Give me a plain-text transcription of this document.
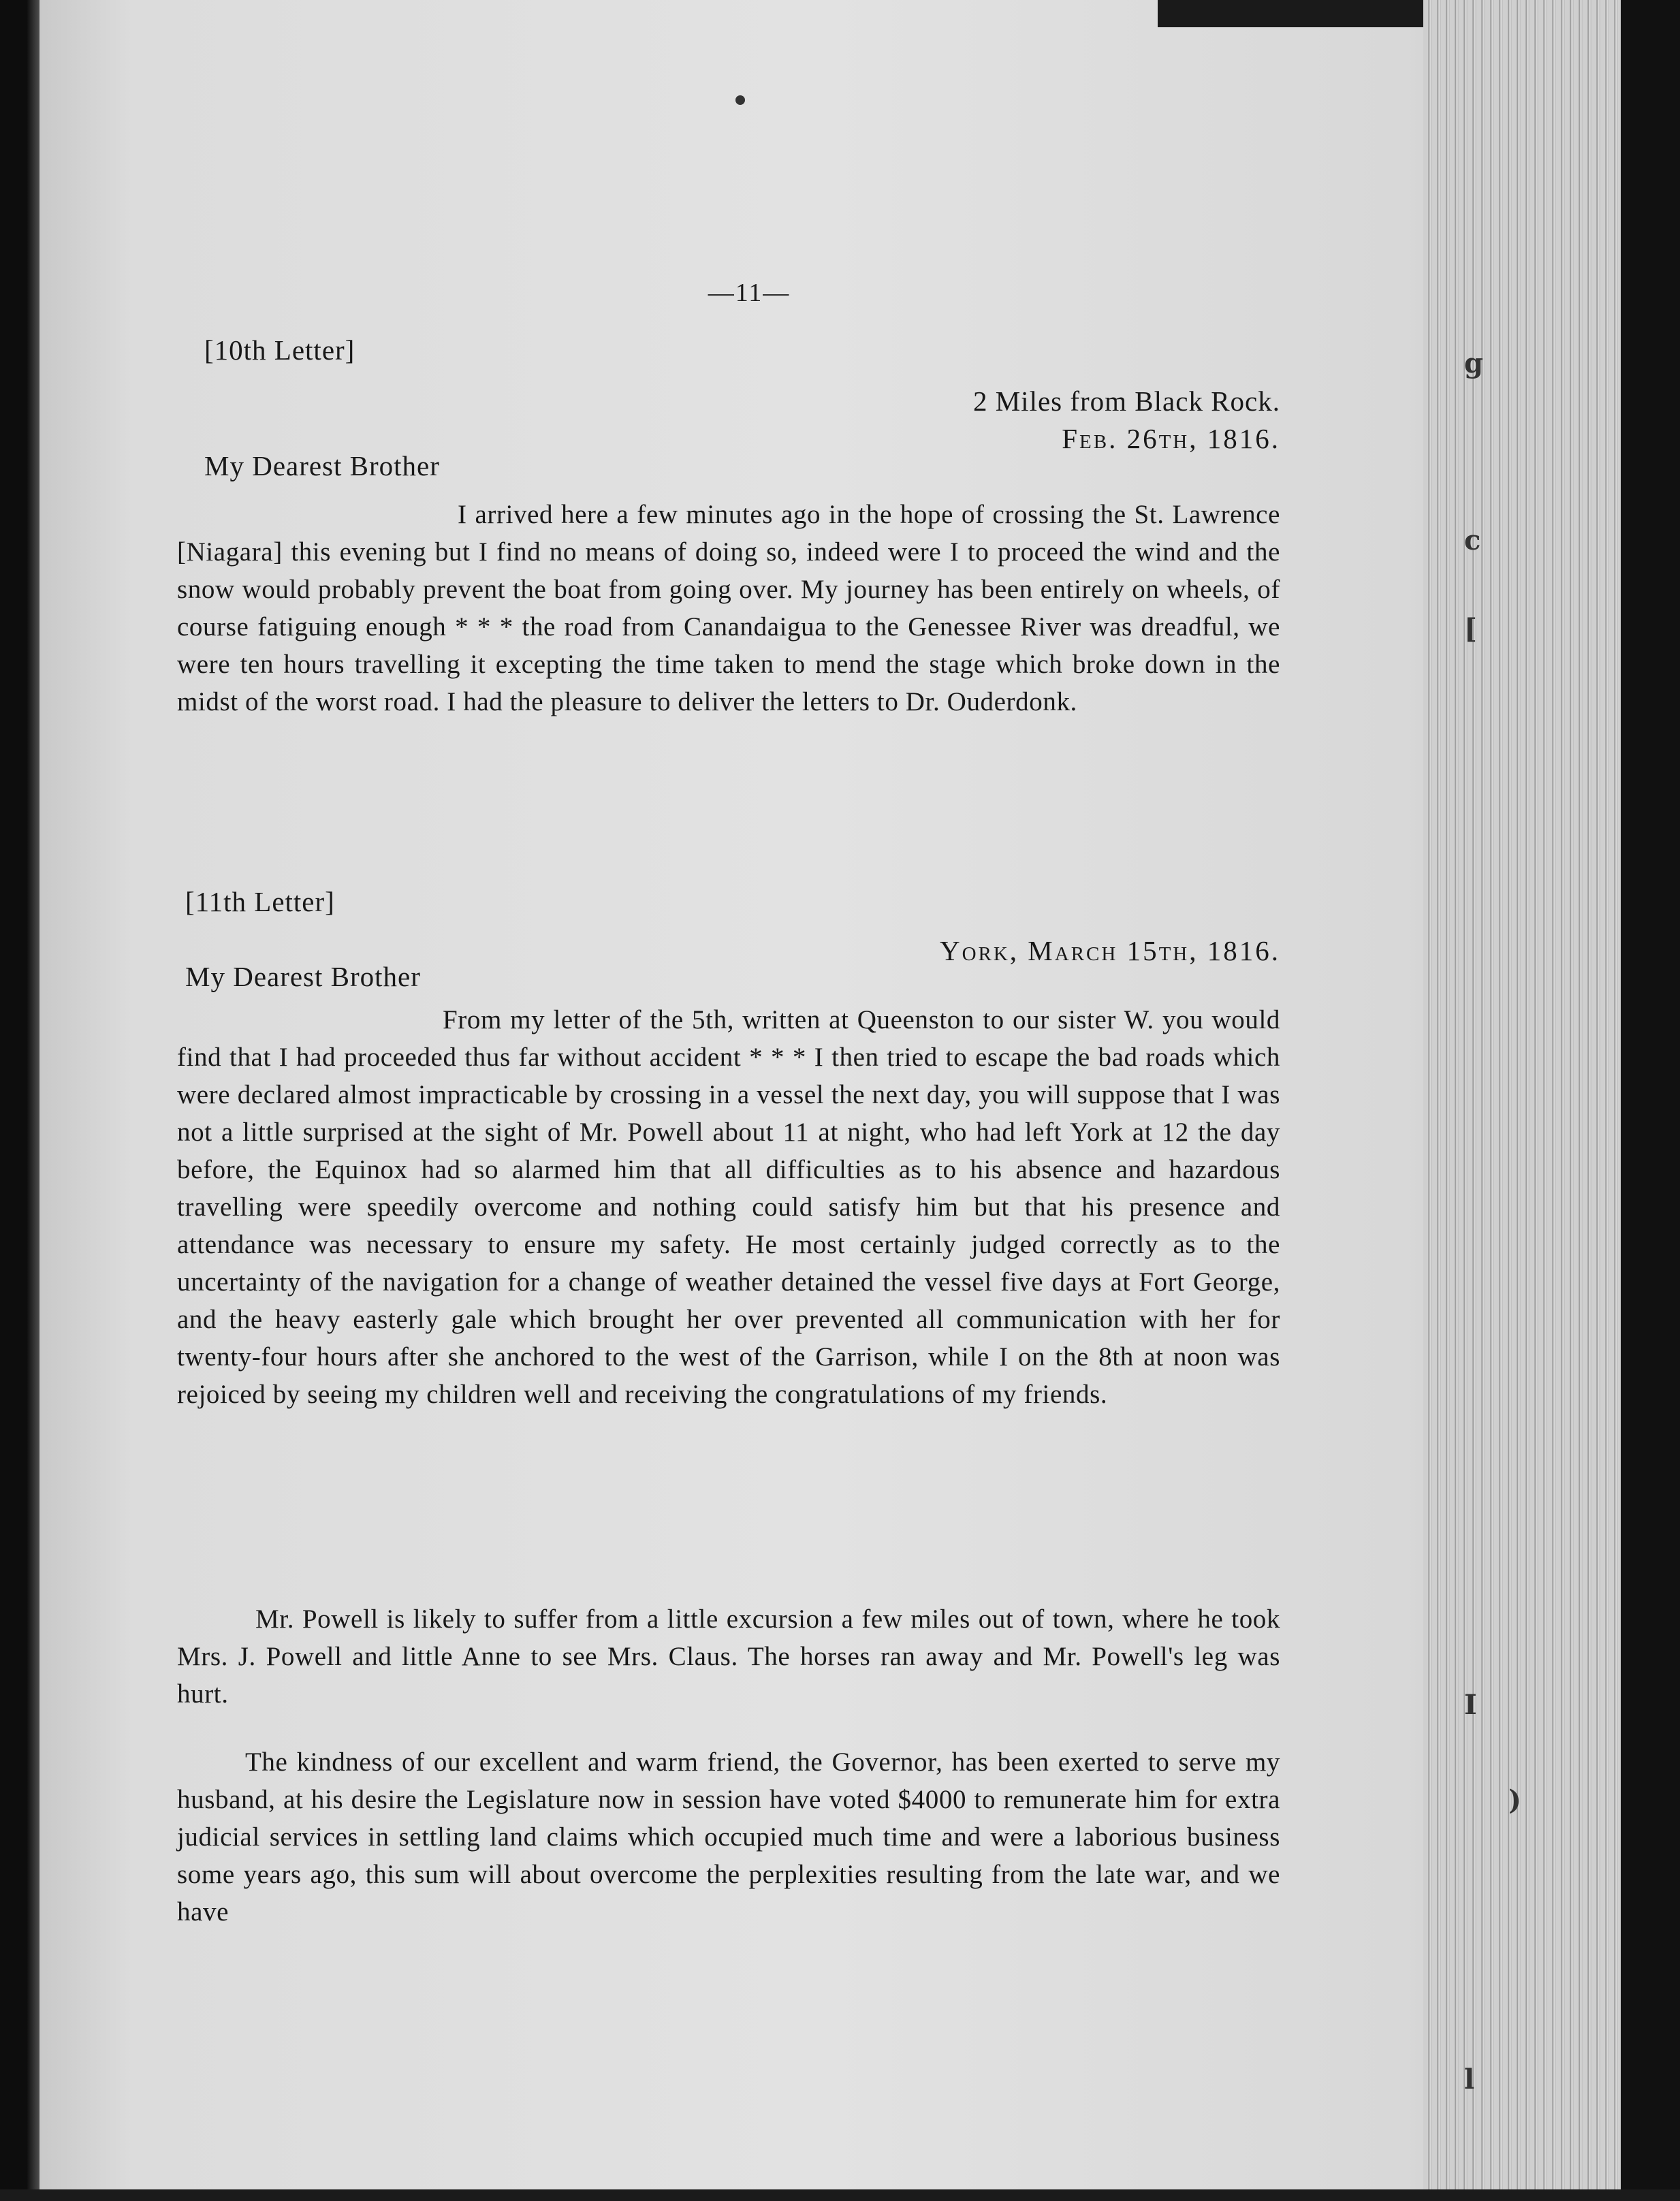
g
c
[
I
)
l
—11—
[10th Letter]
2 Miles from Black Rock.
Feb. 26th, 1816.
My Dearest Brother
I arrived here a few minutes ago in the hope of crossing the St. Lawrence [Niagara] this evening but I find no means of doing so, indeed were I to proceed the wind and the snow would probably prevent the boat from going over. My journey has been entirely on wheels, of course fatiguing enough * * * the road from Canandaigua to the Genessee River was dreadful, we were ten hours travelling it excepting the time taken to mend the stage which broke down in the midst of the worst road. I had the pleasure to deliver the letters to Dr. Ouderdonk.
[11th Letter]
York, March 15th, 1816.
My Dearest Brother
From my letter of the 5th, written at Queenston to our sister W. you would find that I had proceeded thus far without accident * * * I then tried to escape the bad roads which were declared almost impracticable by crossing in a vessel the next day, you will suppose that I was not a little surprised at the sight of Mr. Powell about 11 at night, who had left York at 12 the day before, the Equinox had so alarmed him that all difficulties as to his absence and hazardous travelling were speedily overcome and nothing could satisfy him but that his presence and attendance was necessary to ensure my safety. He most certainly judged correctly as to the uncertainty of the navigation for a change of weather detained the vessel five days at Fort George, and the heavy easterly gale which brought her over prevented all communication with her for twenty-four hours after she anchored to the west of the Garrison, while I on the 8th at noon was rejoiced by seeing my children well and receiving the congratulations of my friends.
Mr. Powell is likely to suffer from a little excursion a few miles out of town, where he took Mrs. J. Powell and little Anne to see Mrs. Claus. The horses ran away and Mr. Powell's leg was hurt.
The kindness of our excellent and warm friend, the Governor, has been exerted to serve my husband, at his desire the Legislature now in session have voted $4000 to remunerate him for extra judicial services in settling land claims which occupied much time and were a laborious business some years ago, this sum will about overcome the perplexities resulting from the late war, and we have
